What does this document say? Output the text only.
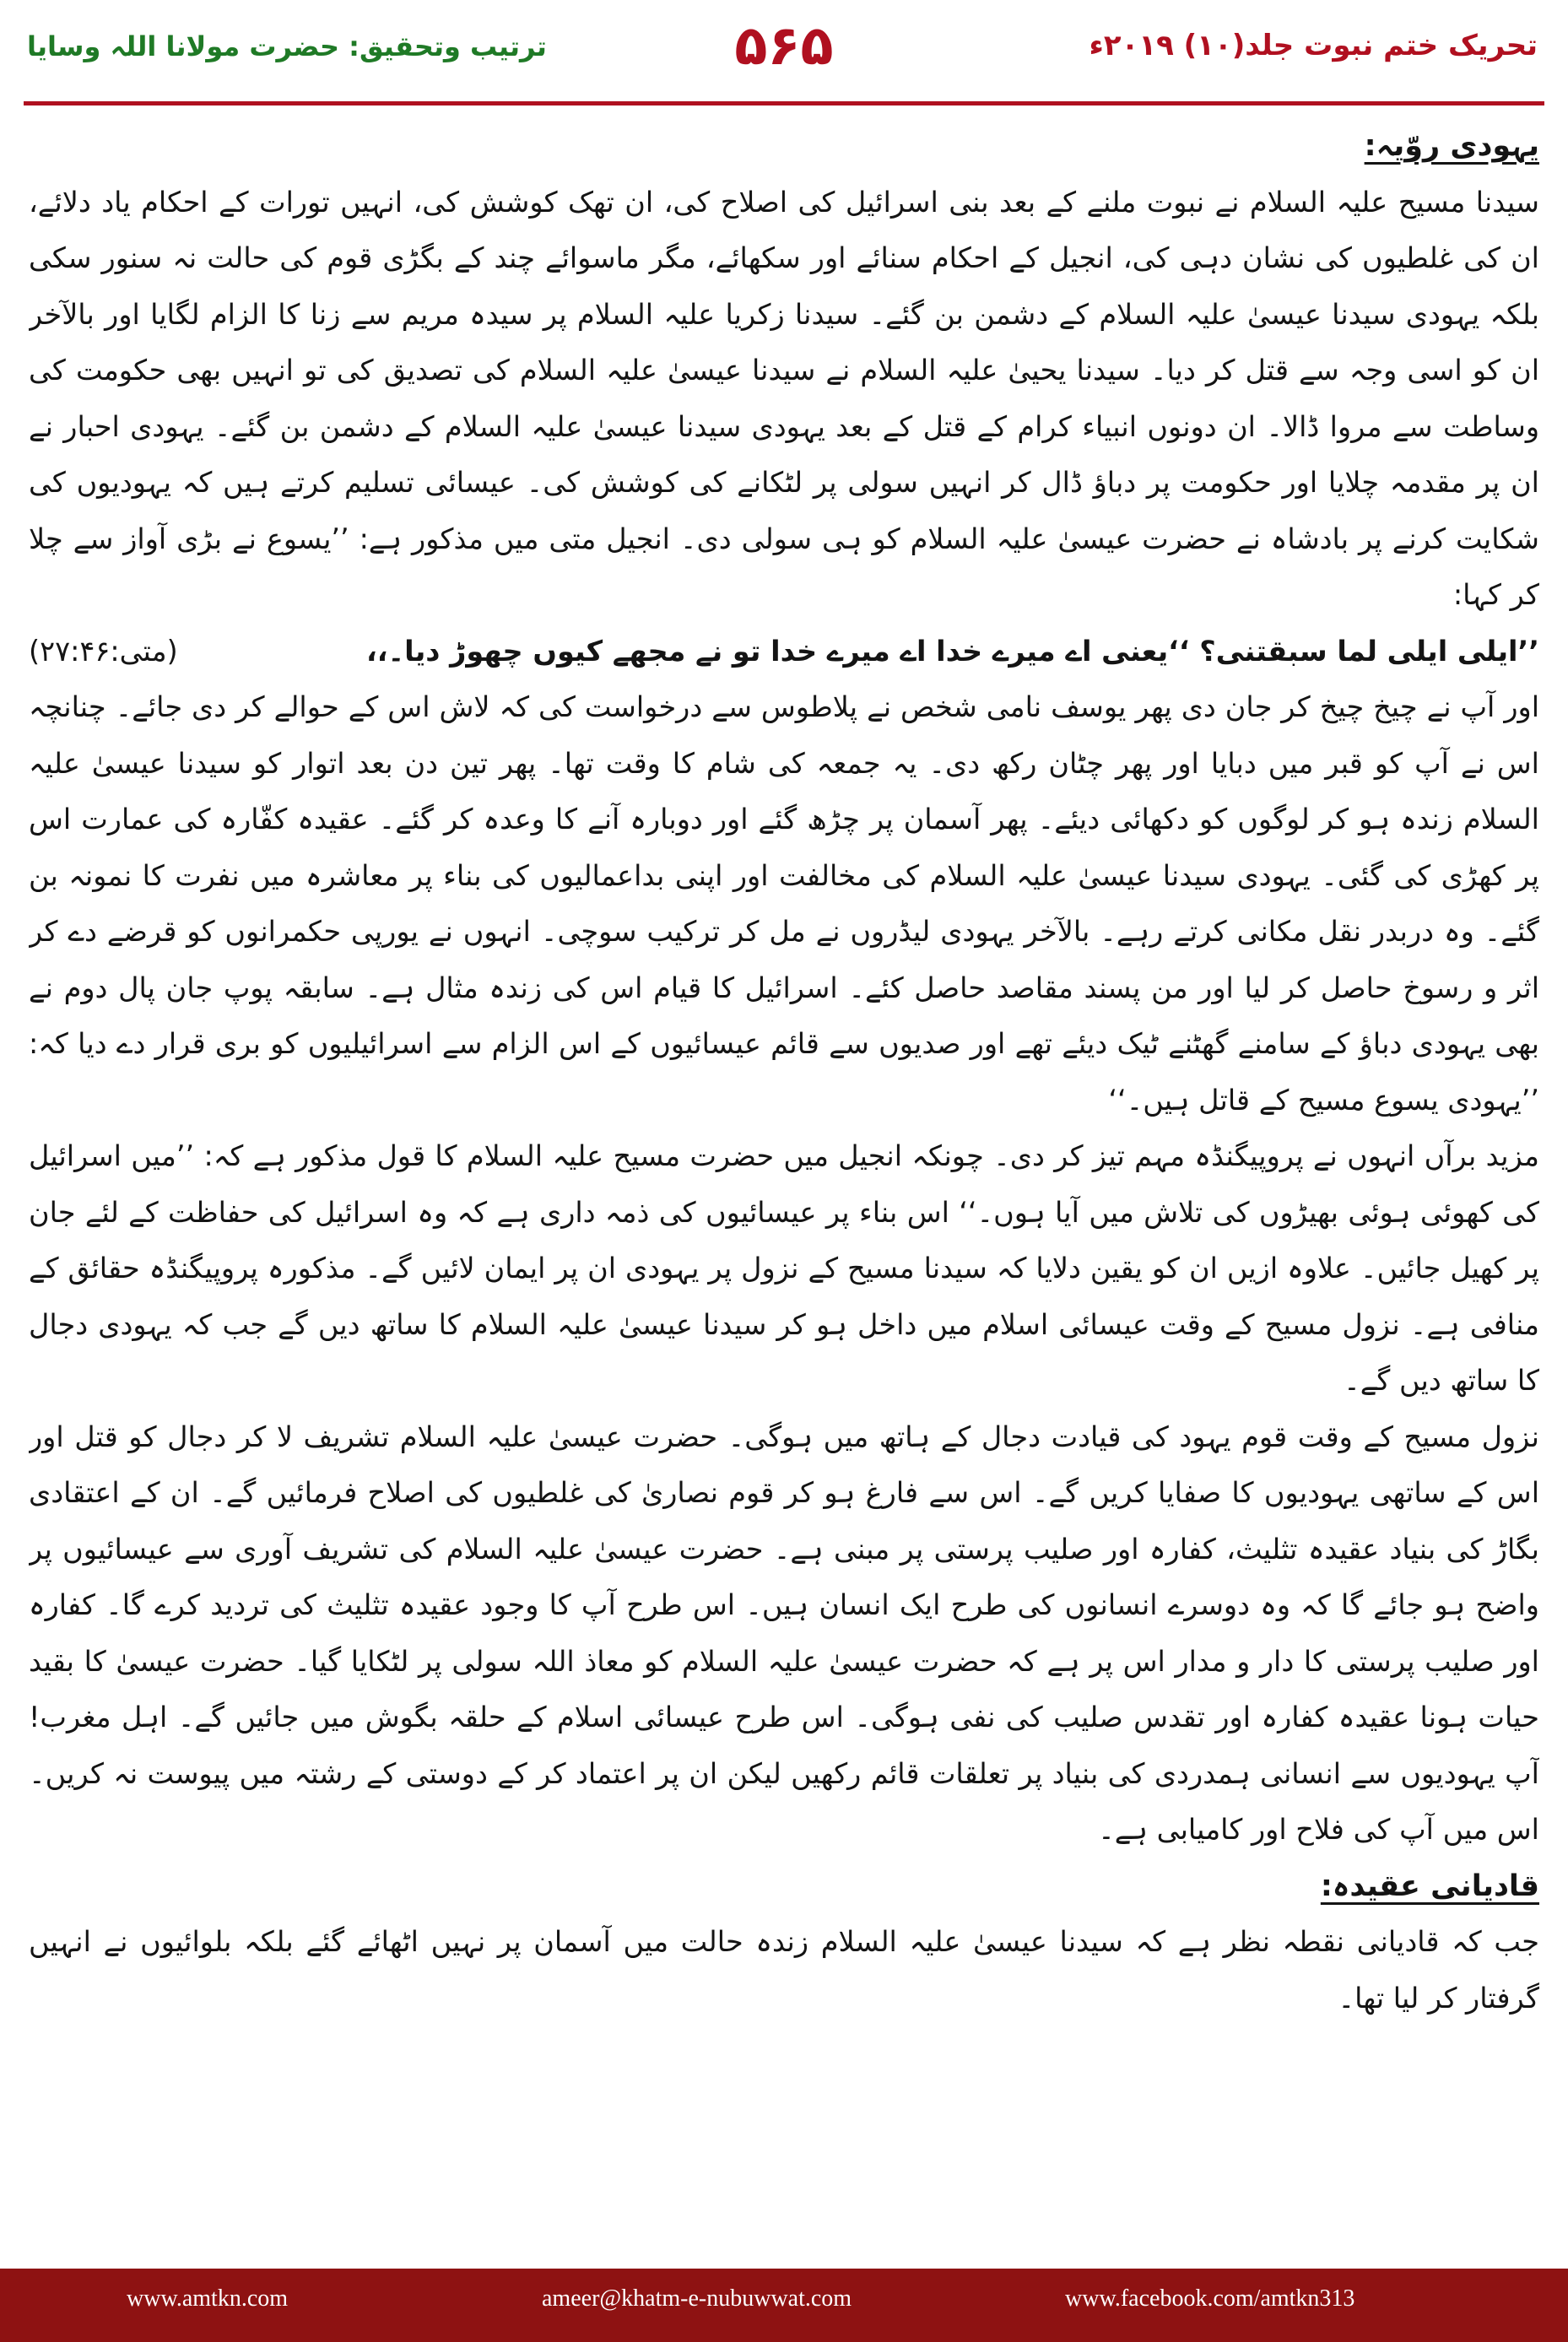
تحریک ختم نبوت جلد(۱۰) ۲۰۱۹ء
۵۶۵
ترتیب وتحقیق: حضرت مولانا اللہ وسایا

یہودی روّیہ:

سیدنا مسیح علیہ السلام نے نبوت ملنے کے بعد بنی اسرائیل کی اصلاح کی، ان تھک کوشش کی، انہیں تورات کے احکام یاد دلائے، ان کی غلطیوں کی نشان دہی کی، انجیل کے احکام سنائے اور سکھائے، مگر ماسوائے چند کے بگڑی قوم کی حالت نہ سنور سکی بلکہ یہودی سیدنا عیسیٰ علیہ السلام کے دشمن بن گئے۔ سیدنا زکریا علیہ السلام پر سیدہ مریم سے زنا کا الزام لگایا اور بالآخر ان کو اسی وجہ سے قتل کر دیا۔ سیدنا یحییٰ علیہ السلام نے سیدنا عیسیٰ علیہ السلام کی تصدیق کی تو انہیں بھی حکومت کی وساطت سے مروا ڈالا۔ ان دونوں انبیاء کرام کے قتل کے بعد یہودی سیدنا عیسیٰ علیہ السلام کے دشمن بن گئے۔ یہودی احبار نے ان پر مقدمہ چلایا اور حکومت پر دباؤ ڈال کر انہیں سولی پر لٹکانے کی کوشش کی۔ عیسائی تسلیم کرتے ہیں کہ یہودیوں کی شکایت کرنے پر بادشاہ نے حضرت عیسیٰ علیہ السلام کو ہی سولی دی۔ انجیل متی میں مذکور ہے: ’’یسوع نے بڑی آواز سے چلا کر کہا:

’’ایلی ایلی لما سبقتنی؟ ‘‘یعنی اے میرے خدا اے میرے خدا تو نے مجھے کیوں چھوڑ دیا۔،،
(متی:۲۷:۴۶)

اور آپ نے چیخ چیخ کر جان دی پھر یوسف نامی شخص نے پلاطوس سے درخواست کی کہ لاش اس کے حوالے کر دی جائے۔ چنانچہ اس نے آپ کو قبر میں دبایا اور پھر چٹان رکھ دی۔ یہ جمعہ کی شام کا وقت تھا۔ پھر تین دن بعد اتوار کو سیدنا عیسیٰ علیہ السلام زندہ ہو کر لوگوں کو دکھائی دیئے۔ پھر آسمان پر چڑھ گئے اور دوبارہ آنے کا وعدہ کر گئے۔ عقیدہ کفّارہ کی عمارت اس پر کھڑی کی گئی۔ یہودی سیدنا عیسیٰ علیہ السلام کی مخالفت اور اپنی بداعمالیوں کی بناء پر معاشرہ میں نفرت کا نمونہ بن گئے۔ وہ دربدر نقل مکانی کرتے رہے۔ بالآخر یہودی لیڈروں نے مل کر ترکیب سوچی۔ انہوں نے یورپی حکمرانوں کو قرضے دے کر اثر و رسوخ حاصل کر لیا اور من پسند مقاصد حاصل کئے۔ اسرائیل کا قیام اس کی زندہ مثال ہے۔ سابقہ پوپ جان پال دوم نے بھی یہودی دباؤ کے سامنے گھٹنے ٹیک دیئے تھے اور صدیوں سے قائم عیسائیوں کے اس الزام سے اسرائیلیوں کو بری قرار دے دیا کہ: ’’یہودی یسوع مسیح کے قاتل ہیں۔‘‘

مزید برآں انہوں نے پروپیگنڈہ مہم تیز کر دی۔ چونکہ انجیل میں حضرت مسیح علیہ السلام کا قول مذکور ہے کہ: ’’میں اسرائیل کی کھوئی ہوئی بھیڑوں کی تلاش میں آیا ہوں۔‘‘ اس بناء پر عیسائیوں کی ذمہ داری ہے کہ وہ اسرائیل کی حفاظت کے لئے جان پر کھیل جائیں۔ علاوہ ازیں ان کو یقین دلایا کہ سیدنا مسیح کے نزول پر یہودی ان پر ایمان لائیں گے۔ مذکورہ پروپیگنڈہ حقائق کے منافی ہے۔ نزول مسیح کے وقت عیسائی اسلام میں داخل ہو کر سیدنا عیسیٰ علیہ السلام کا ساتھ دیں گے جب کہ یہودی دجال کا ساتھ دیں گے۔

نزول مسیح کے وقت قوم یہود کی قیادت دجال کے ہاتھ میں ہوگی۔ حضرت عیسیٰ علیہ السلام تشریف لا کر دجال کو قتل اور اس کے ساتھی یہودیوں کا صفایا کریں گے۔ اس سے فارغ ہو کر قوم نصاریٰ کی غلطیوں کی اصلاح فرمائیں گے۔ ان کے اعتقادی بگاڑ کی بنیاد عقیدہ تثلیث، کفارہ اور صلیب پرستی پر مبنی ہے۔ حضرت عیسیٰ علیہ السلام کی تشریف آوری سے عیسائیوں پر واضح ہو جائے گا کہ وہ دوسرے انسانوں کی طرح ایک انسان ہیں۔ اس طرح آپ کا وجود عقیدہ تثلیث کی تردید کرے گا۔ کفارہ اور صلیب پرستی کا دار و مدار اس پر ہے کہ حضرت عیسیٰ علیہ السلام کو معاذ اللہ سولی پر لٹکایا گیا۔ حضرت عیسیٰ کا بقید حیات ہونا عقیدہ کفارہ اور تقدس صلیب کی نفی ہوگی۔ اس طرح عیسائی اسلام کے حلقہ بگوش میں جائیں گے۔ اہل مغرب! آپ یہودیوں سے انسانی ہمدردی کی بنیاد پر تعلقات قائم رکھیں لیکن ان پر اعتماد کر کے دوستی کے رشتہ میں پیوست نہ کریں۔ اس میں آپ کی فلاح اور کامیابی ہے۔

قادیانی عقیدہ:

جب کہ قادیانی نقطہ نظر ہے کہ سیدنا عیسیٰ علیہ السلام زندہ حالت میں آسمان پر نہیں اٹھائے گئے بلکہ بلوائیوں نے انہیں گرفتار کر لیا تھا۔

www.amtkn.com	ameer@khatm-e-nubuwwat.com	www.facebook.com/amtkn313
